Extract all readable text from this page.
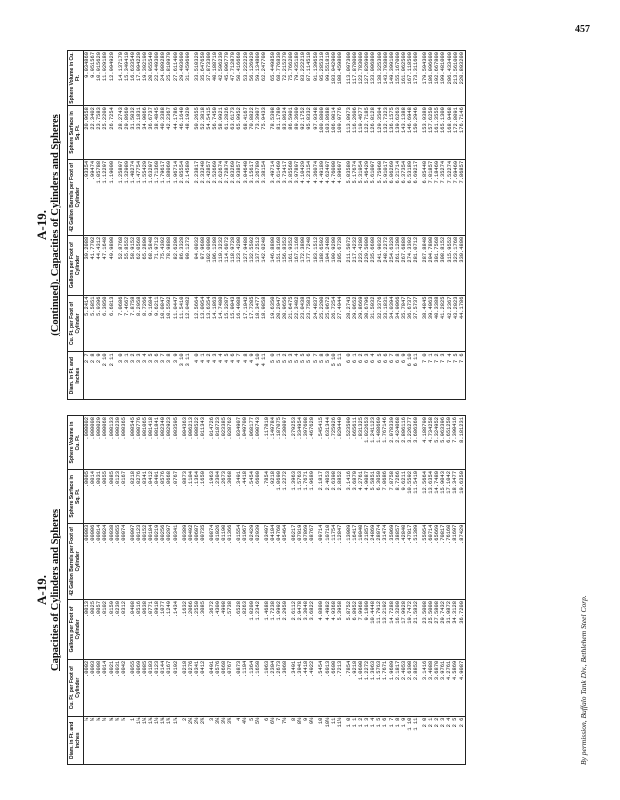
457
A-19. Capacities of Cylinders and Spheres
Diam. in Ft. and Inches	Cu. Ft. per Foot of Cylinder	Gallons per Foot of Cylinder	42 Gallon Barrels per Foot of Cylinder	Sphere Surface in Sq. Ft.	Sphere Volume in Cu. Ft.
⅛	.0002	.0013	.00003	.0005	.000002
¼	.0003	.0025	.00006	.0014	.000008
⅜	.0008	.0057	.00014	.0031	.000029
½	.0014	.0102	.00024	.0055	.000068
⅝	.0021	.0159	.00038	.0085	.000133
¾	.0031	.0230	.00055	.0123	.000230
⅞	.0042	.0312	.00074	.0167	.000365

1	.0055	.0408	.00097	.0218	.000545
1⅛	.0069	.0516	.00123	.0276	.000776
1¼	.0085	.0638	.00152	.0341	.001065
1⅜	.0103	.0771	.00184	.0412	.001418
1½	.0123	.0918	.00219	.0491	.001841
1⅝	.0144	.1077	.00256	.0576	.002340
1¾	.0167	.1249	.00297	.0668	.002923
1⅞	.0192	.1434	.00341	.0767	.003595

2	.0218	.1632	.00389	.0873	.004363
2¼	.0276	.2066	.00492	.1104	.006213
2½	.0341	.2550	.00607	.1364	.008522
2¾	.0412	.3085	.00735	.1650	.011343

3	.0491	.3672	.00874	.1963	.014726
3¼	.0576	.4309	.01026	.2304	.018723
3½	.0668	.4998	.01190	.2673	.023385
3¾	.0767	.5738	.01366	.3068	.028762

4	.0873	.6528	.01554	.3491	.034907
4½	.1104	.8263	.01967	.4418	.049700
5	.1364	1.0200	.02429	.5454	.068177
5½	.1650	1.2342	.02939	.6600	.090743

6	.1963	1.4688	.03497	.7854	.117810
6½	.2304	1.7238	.04104	.9218	.149784
7	.2673	1.9992	.04760	1.0690	.187075
7½	.3068	2.2950	.05464	1.2272	.230097

8	.3491	2.6112	.06217	1.3963	.279253
8½	.3941	2.9478	.07019	1.5763	.334954
9	.4418	3.3048	.07869	1.7671	.397608
9½	.4922	3.6822	.08767	1.9689	.467620

10	.5454	4.0800	.09714	2.1817	.545415
10½	.6013	4.4982	.10710	2.4053	.631344
11	.6600	4.9368	.11754	2.6398	.725926
11½	.7213	5.3958	.12847	2.8852	.829440

1 0	.7854	5.8752	.13989	3.1416	.523599
1 1	.9218	6.8952	.16417	3.6870	.665611
1 2	1.0690	7.9968	.19040	4.2761	.831325
1 3	1.2272	9.1800	.21857	4.9087	1.022653
1 4	1.3963	10.4448	.24869	5.5851	1.241123
1 5	1.5763	11.7912	.28074	6.3050	1.488669
1 6	1.7671	13.2192	.31474	7.0686	1.767146
1 7	1.9689	14.7288	.35069	7.8758	2.078339
1 8	2.1817	16.3200	.38857	8.7266	2.424068
1 9	2.4053	17.9928	.42840	9.6211	2.806116
1 10	2.6398	19.7472	.47017	10.5592	3.226277
1 11	2.8852	21.5832	.51389	11.5410	3.686360

2 0	3.1416	23.5008	.55954	12.5664	4.188790
2 1	3.4088	25.5000	.60714	13.6354	4.734258
2 2	3.6870	27.5808	.65669	14.7480	5.324952
2 3	3.9761	29.7432	.70817	15.9043	5.963396
2 4	4.2761	31.9872	.76160	17.1042	6.651250
2 5	4.5869	34.3128	.81697	18.3477	7.390416
2 6	4.9087	36.7200	.87429	19.6350	8.181231
By permission, Buffalo Tank Div., Bethlehem Steel Corp.
A-19. (Continued). Capacities of Cylinders and Spheres
Diam. in Ft. and Inches	Cu. Ft. per Foot of Cylinder	Gallons per Foot of Cylinder	42 Gallon Barrels per Foot of Cylinder	Sphere Surface in Sq. Ft.	Sphere Volume in Cu. Ft.
2 7	5.2414	39.2088	.93354	20.9658	9.034860
2 8	5.5851	41.7792	.99474	22.3402	9.951567
2 9	5.9396	44.4312	1.05788	23.7583	10.915620
2 10	6.3050	47.1648	1.12297	25.2200	11.929180
2 11	6.6813	49.9800	1.19000	26.7254	12.994920

3 0	7.0686	52.8768	1.25897	28.2743	14.137170
3 1	7.4667	55.8552	1.32989	29.8669	15.349410
3 2	7.8758	58.9152	1.40274	31.5032	16.633540
3 3	8.2958	62.0568	1.47754	33.1831	17.994220
3 4	8.7266	65.2800	1.55429	34.9066	19.392190
3 5	9.1684	68.5848	1.63297	36.6737	20.955540
3 6	9.6211	71.9712	1.71360	38.4845	22.449300
3 7	10.0847	75.4392	1.79617	40.3388	24.089280
3 8	10.5592	78.9888	1.88069	42.2367	25.810970
3 9	11.0447	82.6200	1.96714	44.1786	27.611400
3 10	11.5410	86.3328	2.05554	46.1640	29.493600
3 11	12.0482	90.1272	2.14589	48.1929	31.459690

4 0	12.5664	94.0032	2.23817	50.2655	33.510320
4 1	13.0954	97.9608	2.33240	52.3818	35.647650
4 2	13.6354	102.0000	2.42857	54.5415	37.873300
4 3	14.1863	106.1208	2.52669	56.7450	40.188710
4 4	14.7480	110.3232	2.62674	58.9921	42.596230
4 5	15.3207	114.6072	2.72874	61.2826	45.096770
4 6	15.9043	118.9728	2.83269	63.6173	47.712870
4 7	16.4988	123.4200	2.93857	65.9952	50.416660
4 8	17.1042	127.9488	3.04640	68.4167	53.222220
4 9	17.7205	132.5592	3.15617	70.8822	56.126920
4 10	18.3477	137.2512	3.26789	73.3907	59.134800
4 11	18.9858	142.0248	3.38154	75.9433	62.247700

5 0	19.6350	146.8800	3.49714	78.5398	65.449850
5 1	20.2947	151.8168	3.61469	81.1789	68.776830
5 2	20.9656	156.8352	3.73417	83.8624	72.215270
5 3	21.6475	161.9352	3.85560	86.5901	75.766200
5 4	22.3402	167.1168	3.97897	89.3609	79.435180
5 5	23.0438	172.3800	4.10429	92.1752	83.222210
5 6	23.7583	177.7248	4.23154	95.0332	87.114510
5 7	24.4837	183.1512	4.36074	97.9348	91.139650
5 8	25.2200	188.6592	4.49189	100.8800	95.285310
5 9	25.9672	194.2488	4.62497	103.8688	99.551810
5 10	26.7254	199.9200	4.76000	106.9014	103.942900
5 11	27.4944	205.6728	4.89697	109.9776	108.459800

6 0	28.2743	211.5072	5.03589	113.0973	113.097300
6 1	29.0652	217.4232	5.17674	116.2606	117.878000
6 2	29.8669	223.4208	5.31954	119.4677	122.783000
6 3	30.6796	229.5000	5.46429	122.7185	127.826900
6 4	31.5032	235.6608	5.61097	126.0128	133.006800
6 5	32.3376	241.9032	5.75960	129.3504	138.325300
6 6	33.1831	248.2272	5.91017	132.7323	143.793800
6 7	34.0394	254.6328	6.06269	136.1575	149.399100
6 8	34.9066	261.1200	6.21714	139.6263	155.167000
6 9	35.7847	267.6888	6.37354	143.1388	161.062500
6 10	36.6737	274.3392	6.53189	146.6948	167.118500
6 11	37.5737	281.0712	6.69217	150.2946	173.311600

7 0	38.4845	287.8848	6.85440	153.9380	179.594300
7 1	39.4063	294.7800	7.01857	157.6250	186.096600
7 2	40.3388	301.7568	7.18469	161.3555	192.667800
7 3	41.2825	308.8152	7.35274	165.1300	199.481000
7 4	42.2367	315.9552	7.52274	168.9468	206.433400
7 5	43.2023	323.1768	7.69469	172.8091	213.561000
7 6	44.1786	330.4800	7.86857	176.7146	220.893200
